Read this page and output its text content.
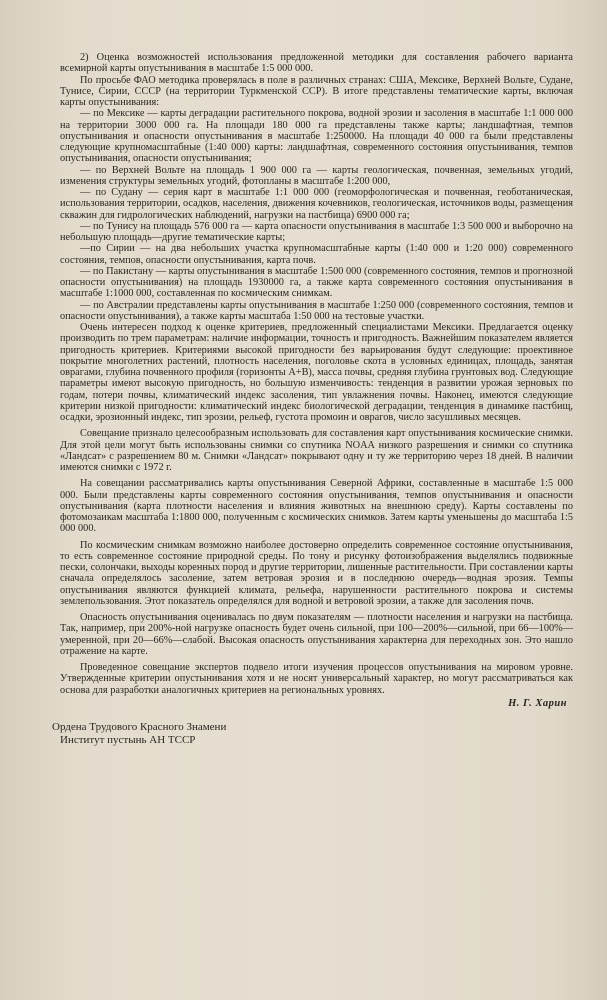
2) Оценка возможностей использования предложенной методики для составления рабочего варианта всемирной карты опустынивания в масштабе 1:5 000 000.

По просьбе ФАО методика проверялась в поле в различных странах: США, Мексике, Верхней Вольте, Судане, Тунисе, Сирии, СССР (на территории Туркменской ССР). В итоге представлены тематические карты, включая карты опустынивания:

— по Мексике — карты деградации растительного покрова, водной эрозии и засоления в масштабе 1:1 000 000 на территории 3000 000 га. На площади 180 000 га представлены также карты; ландшафтная, темпов опустынивания и опасности опустынивания в масштабе 1:250000. На площади 40 000 га были представлены следующие крупномасштабные (1:40 000) карты: ландшафтная, современного состояния опустынивания, темпов опустынивания, опасности опустынивания;

— по Верхней Вольте на площадь 1 900 000 га — карты геологическая, почвенная, земельных угодий, изменения структуры земельных угодий, фотопланы в масштабе 1:200 000,

— по Судану — серия карт в масштабе 1:1 000 000 (геоморфологическая и почвенная, геоботаническая, использования территории, осадков, населения, движения кочевников, геологическая, источников воды, размещения скважин для гидрологических наблюдений, нагрузки на пастбища) 6900 000 га;

— по Тунису на площадь 576 000 га — карта опасности опустынивания в масштабе 1:3 500 000 и выборочно на небольшую площадь—другие тематические карты;

—по Сирии — на два небольших участка крупномасштабные карты (1:40 000 и 1:20 000) современного состояния, темпов, опасности опустынивания, карта почв.

— по Пакистану — карты опустынивания в масштабе 1:500 000 (современного состояния, темпов и прогнозной опасности опустынивания) на площадь 1930000 га, а также карта современного состояния опустынивания в масштабе 1:1000 000, составленная по космическим снимкам.

— по Австралии представлены карты опустынивания в масштабе 1:250 000 (современного состояния, темпов и опасности опустынивания), а также карты масштаба 1:50 000 на тестовые участки.

Очень интересен подход к оценке критериев, предложенный специалистами Мексики. Предлагается оценку производить по трем параметрам: наличие информации, точность и пригодность. Важнейшим показателем является пригодность критериев. Критериями высокой пригодности без варьирования будут следующие: проективное покрытие многолетних растений, плотность населения, поголовье скота в условных единицах, площадь, занятая оврагами, глубина почвенного профиля (горизонты A+B), масса почвы, средняя глубина грунтовых вод. Следующие параметры имеют высокую пригодность, но большую изменчивость: тенденция в развитии урожая зерновых по годам, потери почвы, климатический индекс засоления, тип увлажнения почвы. Наконец, имеются следующие критерии низкой пригодности: климатический индекс биологической деградации, тенденция в динамике пастбищ, осадки, эрозионный индекс, тип эрозии, рельеф, густота промоин и оврагов, число засушливых месяцев.

Совещание признало целесообразным использовать для составления карт опустынивания космические снимки. Для этой цели могут быть использованы снимки со спутника NOAA низкого разрешения и снимки со спутника «Ландсат» с разрешением 80 м. Снимки «Ландсат» покрывают одну и ту же территорию через 18 дней. В наличии имеются снимки с 1972 г.

На совещании рассматривались карты опустынивания Северной Африки, составленные в масштабе 1:5 000 000. Были представлены карты современного состояния опустынивания, темпов опустынивания и опасности опустынивания (карта плотности населения и влияния животных на внешнюю среду). Карты составлены по фотомозаикам масштаба 1:1800 000, полученным с космических снимков. Затем карты уменьшены до масштаба 1:5 000 000.

По космическим снимкам возможно наиболее достоверно определить современное состояние опустынивания, то есть современное состояние природной среды. По тону и рисунку фотоизображения выделялись подвижные пески, солончаки, выходы коренных пород и другие территории, лишенные растительности. При составлении карты сначала определялось засоление, затем ветровая эрозия и в последнюю очередь—водная эрозия. Темпы опустынивания являются функцией климата, рельефа, нарушенности растительного покрова и системы землепользования. Этот показатель определялся для водной и ветровой эрозии, а также для засоления почв.

Опасность опустынивания оценивалась по двум показателям — плотности населения и нагрузки на пастбища. Так, например, при 200%-ной нагрузке опасность будет очень сильной, при 100—200%—сильной, при 66—100%—умеренной, при 20—66%—слабой. Высокая опасность опустынивания характерна для переходных зон. Это нашло отражение на карте.

Проведенное совещание экспертов подвело итоги изучения процессов опустынивания на мировом уровне. Утвержденные критерии опустынивания хотя и не носят универсальный характер, но могут рассматриваться как основа для разработки аналогичных критериев на региональных уровнях.

Н. Г. Харин
Ордена Трудового Красного Знамени
Институт пустынь АН ТССР
